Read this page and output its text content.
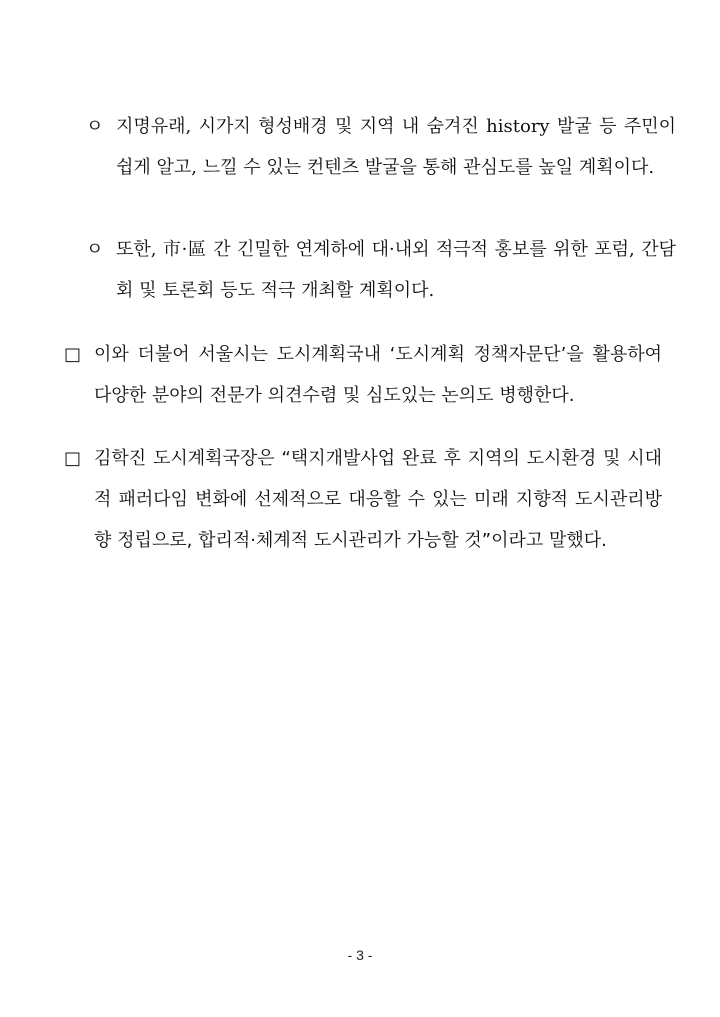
ㅇ 지명유래, 시가지 형성배경 및 지역 내 숨겨진 history 발굴 등 주민이 쉽게 알고, 느낄 수 있는 컨텐츠 발굴을 통해 관심도를 높일 계획이다.
ㅇ 또한, 市·區 간 긴밀한 연계하에 대·내외 적극적 홍보를 위한 포럼, 간담회 및 토론회 등도 적극 개최할 계획이다.
□ 이와 더불어 서울시는 도시계획국내 ‘도시계획 정책자문단’을 활용하여 다양한 분야의 전문가 의견수렴 및 심도있는 논의도 병행한다.
□ 김학진 도시계획국장은 “택지개발사업 완료 후 지역의 도시환경 및 시대적 패러다임 변화에 선제적으로 대응할 수 있는 미래 지향적 도시관리방향 정립으로, 합리적·체계적 도시관리가 가능할 것”이라고 말했다.
- 3 -
